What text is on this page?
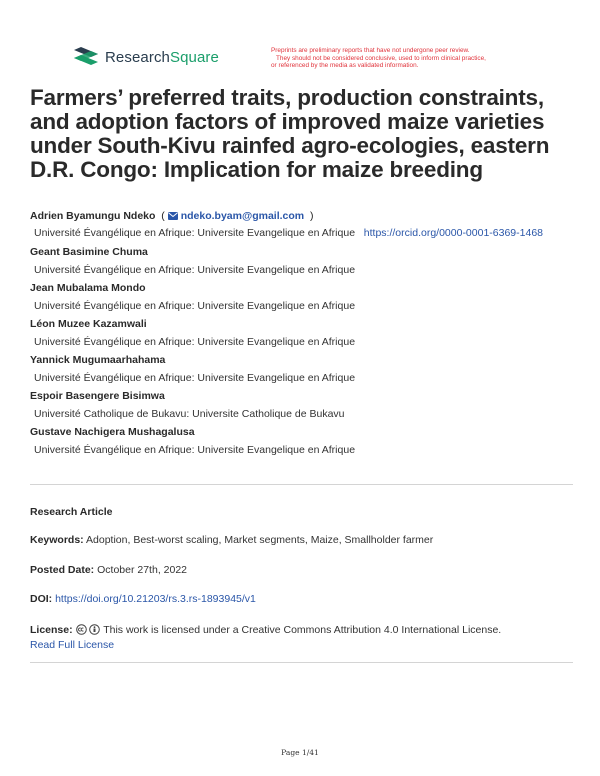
ResearchSquare	Preprints are preliminary reports that have not undergone peer review.
They should not be considered conclusive, used to inform clinical practice,
or referenced by the media as validated information.
Farmers’ preferred traits, production constraints, and adoption factors of improved maize varieties under South-Kivu rainfed agro-ecologies, eastern D.R. Congo: Implication for maize breeding
Adrien Byamungu Ndeko  ( ndeko.byam@gmail.com  )
Université Évangélique en Afrique: Universite Evangelique en Afrique https://orcid.org/0000-0001-6369-1468
Geant Basimine Chuma
Université Évangélique en Afrique: Universite Evangelique en Afrique
Jean Mubalama Mondo
Université Évangélique en Afrique: Universite Evangelique en Afrique
Léon Muzee Kazamwali
Université Évangélique en Afrique: Universite Evangelique en Afrique
Yannick Mugumaarhahama
Université Évangélique en Afrique: Universite Evangelique en Afrique
Espoir Basengere Bisimwa
Université Catholique de Bukavu: Universite Catholique de Bukavu
Gustave Nachigera Mushagalusa
Université Évangélique en Afrique: Universite Evangelique en Afrique
Research Article
Keywords: Adoption, Best-worst scaling, Market segments, Maize, Smallholder farmer
Posted Date: October 27th, 2022
DOI: https://doi.org/10.21203/rs.3.rs-1893945/v1
License:	This work is licensed under a Creative Commons Attribution 4.0 International License.
Read Full License
Page 1/41
